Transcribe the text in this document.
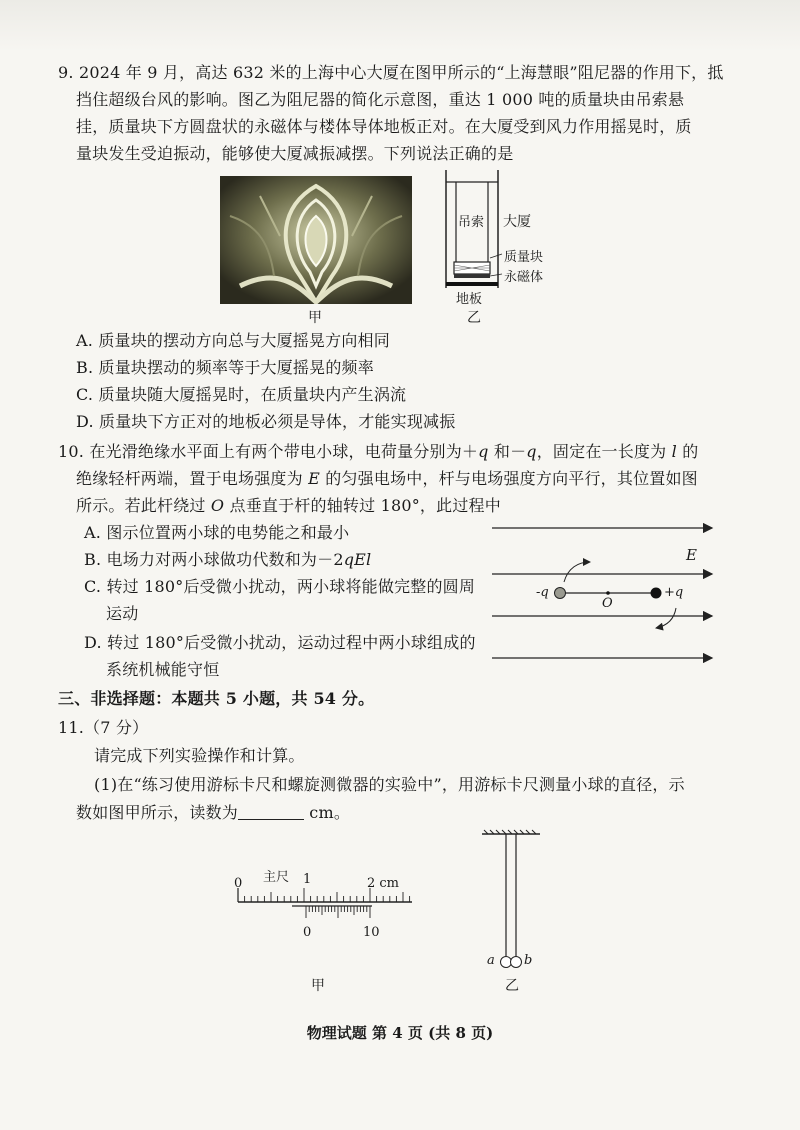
9. 2024 年 9 月，高达 632 米的上海中心大厦在图甲所示的“上海慧眼”阻尼器的作用下，抵
挡住超级台风的影响。图乙为阻尼器的简化示意图，重达 1 000 吨的质量块由吊索悬
挂，质量块下方圆盘状的永磁体与楼体导体地板正对。在大厦受到风力作用摇晃时，质
量块发生受迫振动，能够使大厦减振减摆。下列说法正确的是
甲
吊索 大厦
质量块
永磁体
地板
乙
A. 质量块的摆动方向总与大厦摇晃方向相同
B. 质量块摆动的频率等于大厦摇晃的频率
C. 质量块随大厦摇晃时，在质量块内产生涡流
D. 质量块下方正对的地板必须是导体，才能实现减振
10. 在光滑绝缘水平面上有两个带电小球，电荷量分别为＋q 和－q，固定在一长度为 l 的
绝缘轻杆两端，置于电场强度为 E 的匀强电场中，杆与电场强度方向平行，其位置如图
所示。若此杆绕过 O 点垂直于杆的轴转过 180°，此过程中
A. 图示位置两小球的电势能之和最小
B. 电场力对两小球做功代数和为－2qEl
C. 转过 180°后受微小扰动，两小球将能做完整的圆周
运动
D. 转过 180°后受微小扰动，运动过程中两小球组成的
系统机械能守恒
E
-q	+q
O
三、非选择题：本题共 5 小题，共 54 分。
11.（7 分）
请完成下列实验操作和计算。
(1)在“练习使用游标卡尺和螺旋测微器的实验中”，用游标卡尺测量小球的直径，示
数如图甲所示，读数为	cm。
主尺
0	1	2 cm
0	10
甲
a b
乙
物理试题 第 4 页 (共 8 页)
